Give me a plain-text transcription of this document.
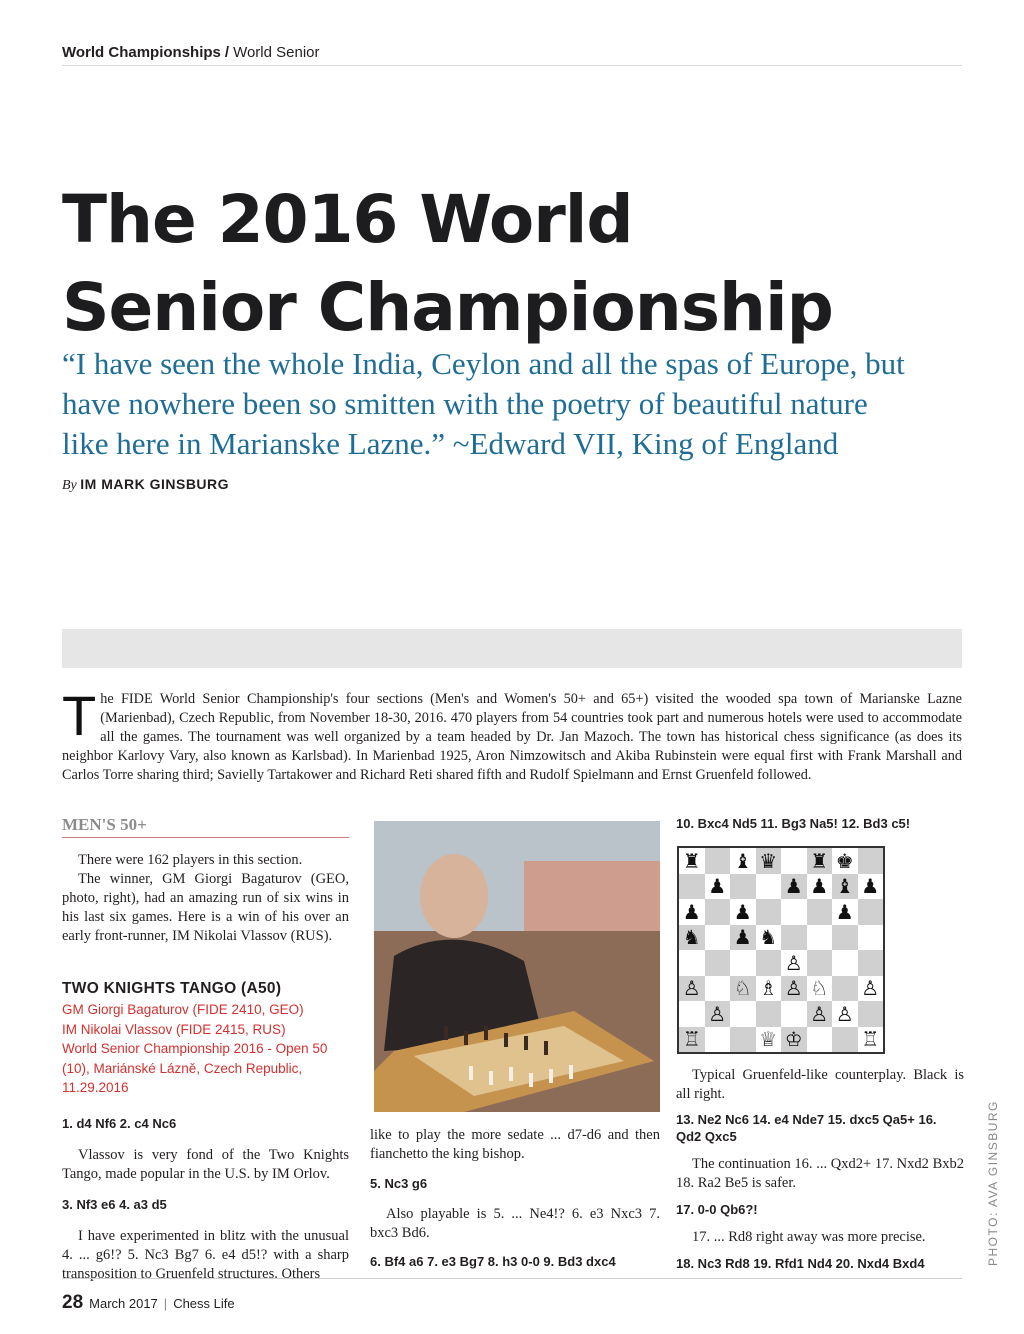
World Championships / World Senior
The 2016 World
Senior Championship
“I have seen the whole India, Ceylon and all the spas of Europe, but
have nowhere been so smitten with the poetry of beautiful nature
like here in Marianske Lazne.” ~Edward VII, King of England
By IM MARK GINSBURG
The FIDE World Senior Championship's four sections (Men's and Women's 50+ and 65+) visited the wooded spa town of Marianske Lazne (Marienbad), Czech Republic, from November 18-30, 2016. 470 players from 54 countries took part and numerous hotels were used to accommodate all the games. The tournament was well organized by a team headed by Dr. Jan Mazoch. The town has historical chess significance (as does its neighbor Karlovy Vary, also known as Karlsbad). In Marienbad 1925, Aron Nimzowitsch and Akiba Rubinstein were equal first with Frank Marshall and Carlos Torre sharing third; Savielly Tartakower and Richard Reti shared fifth and Rudolf Spielmann and Ernst Gruenfeld followed.
MEN'S 50+
There were 162 players in this section.
The winner, GM Giorgi Bagaturov (GEO, photo, right), had an amazing run of six wins in his last six games. Here is a win of his over an early front-runner, IM Nikolai Vlassov (RUS).
TWO KNIGHTS TANGO (A50)
GM Giorgi Bagaturov (FIDE 2410, GEO)
IM Nikolai Vlassov (FIDE 2415, RUS)
World Senior Championship 2016 - Open 50 (10), Mariánské Lázně, Czech Republic, 11.29.2016
1. d4 Nf6 2. c4 Nc6
Vlassov is very fond of the Two Knights Tango, made popular in the U.S. by IM Orlov.
3. Nf3 e6 4. a3 d5
I have experimented in blitz with the unusual 4. ... g6!? 5. Nc3 Bg7 6. e4 d5!? with a sharp transposition to Gruenfeld structures. Others
like to play the more sedate ... d7-d6 and then fianchetto the king bishop.
5. Nc3 g6
Also playable is 5. ... Ne4!? 6. e3 Nxc3 7. bxc3 Bd6.
6. Bf4 a6 7. e3 Bg7 8. h3 0-0 9. Bd3 dxc4
10. Bxc4 Nd5 11. Bg3 Na5! 12. Bd3 c5!
♜ ♝ ♛ ♜ ♚
♟	♟ ♟ ♝ ♟
♟ ♟	♟
♞ ♟ ♞
♙
♙ ♘ ♗ ♙ ♘ ♙
♙	♙ ♙
♖	♕ ♔	♖
Typical Gruenfeld-like counterplay. Black is all right.
13. Ne2 Nc6 14. e4 Nde7 15. dxc5 Qa5+ 16. Qd2 Qxc5
The continuation 16. ... Qxd2+ 17. Nxd2 Bxb2 18. Ra2 Be5 is safer.
17. 0-0 Qb6?!
17. ... Rd8 right away was more precise.
18. Nc3 Rd8 19. Rfd1 Nd4 20. Nxd4 Bxd4	PHOTO: AVA GINSBURG
28 March 2017 | Chess Life
